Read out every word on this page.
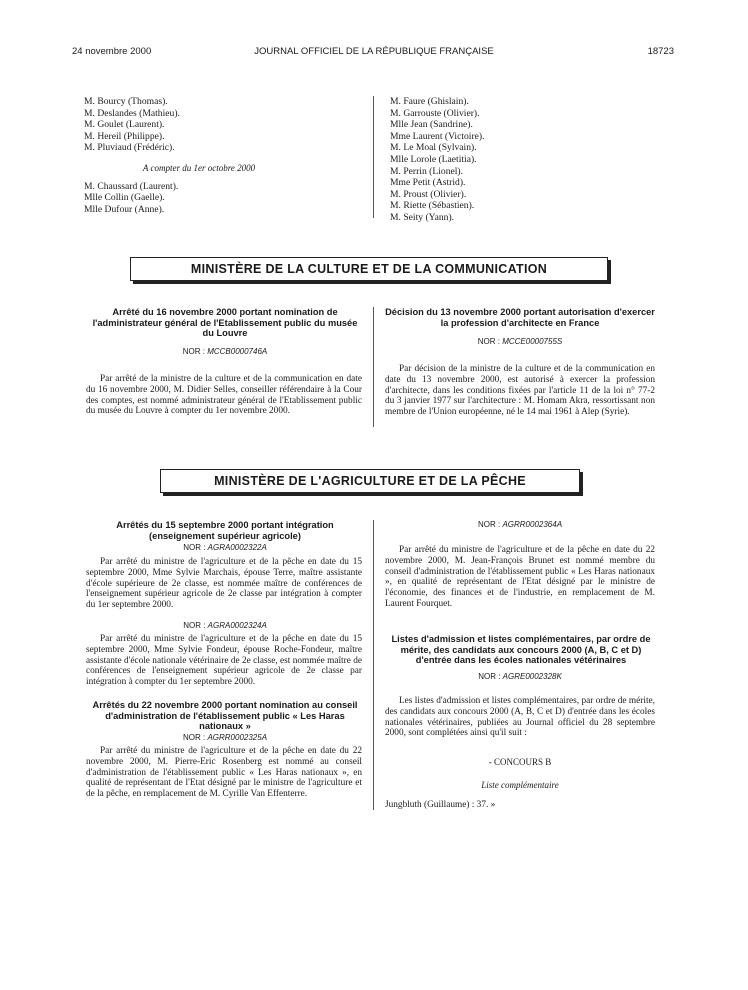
24 novembre 2000	JOURNAL OFFICIEL DE LA RÉPUBLIQUE FRANÇAISE	18723
M. Bourcy (Thomas).
M. Deslandes (Mathieu).
M. Goulet (Laurent).
M. Hereil (Philippe).
M. Pluviaud (Frédéric).
A compter du 1er octobre 2000
M. Chaussard (Laurent).
Mlle Collin (Gaelle).
Mlle Dufour (Anne).
M. Faure (Ghislain).
M. Garrouste (Olivier).
Mlle Jean (Sandrine).
Mme Laurent (Victoire).
M. Le Moal (Sylvain).
Mlle Lorole (Laetitia).
M. Perrin (Lionel).
Mme Petit (Astrid).
M. Proust (Olivier).
M. Riette (Sébastien).
M. Seity (Yann).
MINISTÈRE DE LA CULTURE ET DE LA COMMUNICATION
Arrêté du 16 novembre 2000 portant nomination de l'administrateur général de l'Etablissement public du musée du Louvre
NOR : MCCB0000746A
Par arrêté de la ministre de la culture et de la communication en date du 16 novembre 2000, M. Didier Selles, conseiller référendaire à la Cour des comptes, est nommé administrateur général de l'Etablissement public du musée du Louvre à compter du 1er novembre 2000.
Décision du 13 novembre 2000 portant autorisation d'exercer la profession d'architecte en France
NOR : MCCE0000755S
Par décision de la ministre de la culture et de la communication en date du 13 novembre 2000, est autorisé à exercer la profession d'architecte, dans les conditions fixées par l'article 11 de la loi n° 77-2 du 3 janvier 1977 sur l'architecture : M. Homam Akra, ressortissant non membre de l'Union européenne, né le 14 mai 1961 à Alep (Syrie).
MINISTÈRE DE L'AGRICULTURE ET DE LA PÊCHE
Arrêtés du 15 septembre 2000 portant intégration (enseignement supérieur agricole)
NOR : AGRA0002322A
Par arrêté du ministre de l'agriculture et de la pêche en date du 15 septembre 2000, Mme Sylvie Marchais, épouse Terre, maître assistante d'école supérieure de 2e classe, est nommée maître de conférences de l'enseignement supérieur agricole de 2e classe par intégration à compter du 1er septembre 2000.
NOR : AGRA0002324A
Par arrêté du ministre de l'agriculture et de la pêche en date du 15 septembre 2000, Mme Sylvie Fondeur, épouse Roche-Fondeur, maître assistante d'école nationale vétérinaire de 2e classe, est nommée maître de conférences de l'enseignement supérieur agricole de 2e classe par intégration à compter du 1er septembre 2000.
Arrêtés du 22 novembre 2000 portant nomination au conseil d'administration de l'établissement public « Les Haras nationaux »
NOR : AGRR0002325A
Par arrêté du ministre de l'agriculture et de la pêche en date du 22 novembre 2000, M. Pierre-Eric Rosenberg est nommé au conseil d'administration de l'établissement public « Les Haras nationaux », en qualité de représentant de l'Etat désigné par le ministre de l'agriculture et de la pêche, en remplacement de M. Cyrille Van Effenterre.
NOR : AGRR0002364A
Par arrêté du ministre de l'agriculture et de la pêche en date du 22 novembre 2000, M. Jean-François Brunet est nommé membre du conseil d'administration de l'établissement public « Les Haras nationaux », en qualité de représentant de l'Etat désigné par le ministre de l'économie, des finances et de l'industrie, en remplacement de M. Laurent Fourquet.
Listes d'admission et listes complémentaires, par ordre de mérite, des candidats aux concours 2000 (A, B, C et D) d'entrée dans les écoles nationales vétérinaires
NOR : AGRE0002328K
Les listes d'admission et listes complémentaires, par ordre de mérite, des candidats aux concours 2000 (A, B, C et D) d'entrée dans les écoles nationales vétérinaires, publiées au Journal officiel du 28 septembre 2000, sont complétées ainsi qu'il suit :
- CONCOURS B
Liste complémentaire
Jungbluth (Guillaume) : 37. »
